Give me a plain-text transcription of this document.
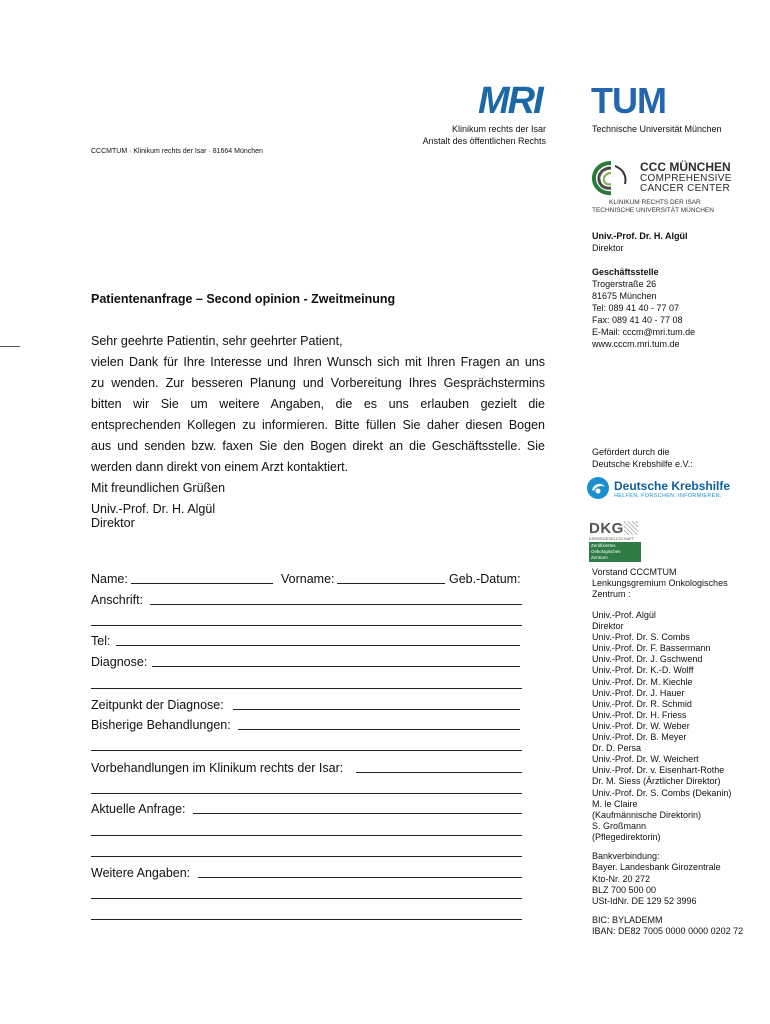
MRI
Klinikum rechts der Isar
Anstalt des öffentlichen Rechts
TUM
Technische Universität München
CCCMTUM · Klinikum rechts der Isar · 81664 München
CCC MÜNCHEN
COMPREHENSIVE
CANCER CENTER
KLINIKUM RECHTS DER ISAR
TECHNISCHE UNIVERSITÄT MÜNCHEN
Univ.-Prof. Dr. H. Algül
Direktor
Geschäftsstelle
Trogerstraße 26
81675 München
Tel: 089 41 40 - 77 07
Fax: 089 41 40 - 77 08
E-Mail: cccm@mri.tum.de
www.cccm.mri.tum.de
Gefördert durch die
Deutsche Krebshilfe e.V.:
Deutsche Krebshilfe
HELFEN. FORSCHEN. INFORMIEREN.
DKG
KREBSGESELLSCHAFT
Zertifiziertes
Onkologisches
Zentrum
Vorstand CCCMTUM
Lenkungsgremium Onkologisches
Zentrum :
Univ.-Prof. Algül
Direktor
Univ.-Prof. Dr. S. Combs
Univ.-Prof. Dr. F. Bassermann
Univ.-Prof. Dr. J. Gschwend
Univ.-Prof. Dr. K.-D. Wolff
Univ.-Prof. Dr. M. Kiechle
Univ.-Prof. Dr. J. Hauer
Univ.-Prof. Dr. R. Schmid
Univ.-Prof. Dr. H. Friess
Univ.-Prof. Dr. W. Weber
Univ.-Prof. Dr. B. Meyer
Dr. D. Persa
Univ.-Prof. Dr. W. Weichert
Univ.-Prof. Dr. v. Eisenhart-Rothe
Dr. M. Siess (Ärztlicher Direktor)
Univ.-Prof. Dr. S. Combs (Dekanin)
M. le Claire
(Kaufmännische Direktorin)
S. Großmann
(Pflegedirektorin)
Bankverbindung:
Bayer. Landesbank Girozentrale
Kto-Nr. 20 272
BLZ 700 500 00
USt-IdNr. DE 129 52 3996
BIC: BYLADEMM
IBAN: DE82 7005 0000 0000 0202 72
Patientenanfrage – Second opinion - Zweitmeinung
Sehr geehrte Patientin, sehr geehrter Patient,
vielen Dank für Ihre Interesse und Ihren Wunsch sich mit Ihren Fragen an uns
zu wenden. Zur besseren Planung und Vorbereitung Ihres Gesprächstermins
bitten wir Sie um weitere Angaben, die es uns erlauben gezielt die
entsprechenden Kollegen zu informieren. Bitte füllen Sie daher diesen Bogen
aus und senden bzw. faxen Sie den Bogen direkt an die Geschäftsstelle. Sie
werden dann direkt von einem Arzt kontaktiert.
Mit freundlichen Grüßen
Univ.-Prof. Dr. H. Algül
Direktor
Name:	Vorname:	Geb.-Datum:
Anschrift:
Tel:
Diagnose:
Zeitpunkt der Diagnose:
Bisherige Behandlungen:
Vorbehandlungen im Klinikum rechts der Isar:
Aktuelle Anfrage:
Weitere Angaben:
